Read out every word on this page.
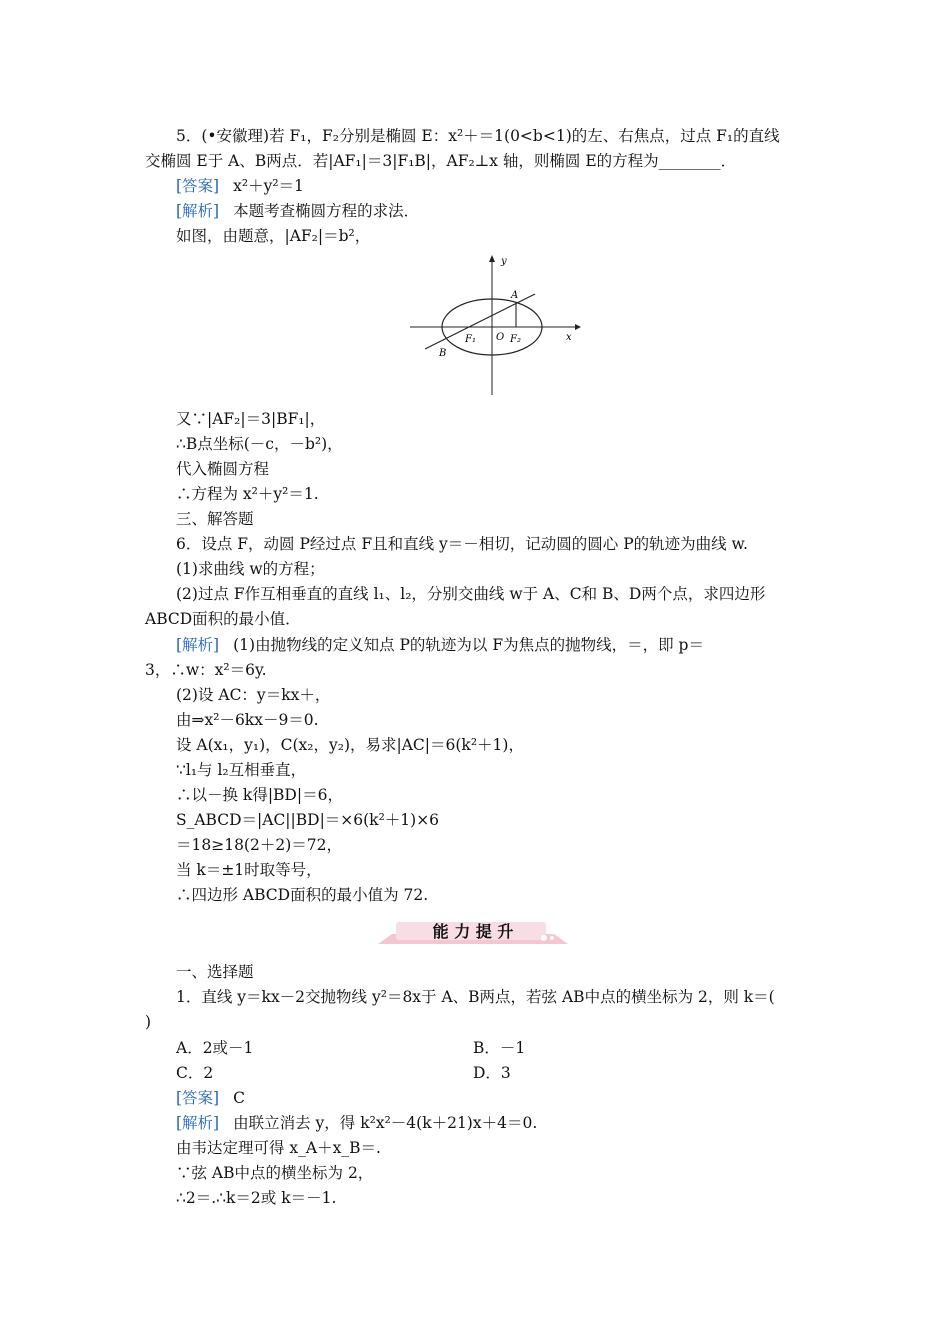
5．(•安徽理)若 F₁，F₂分别是椭圆 E：x²＋＝1(0<b<1)的左、右焦点，过点 F₁的直线
交椭圆 E于 A、B两点．若|AF₁|＝3|F₁B|，AF₂⊥x 轴，则椭圆 E的方程为________．
[答案] x²＋y²＝1
[解析] 本题考查椭圆方程的求法．
如图，由题意，|AF₂|＝b²，
y
x
A
B
F₁ O F₂
又∵|AF₂|＝3|BF₁|，
∴B点坐标(－c，－b²)，
代入椭圆方程
∴方程为 x²＋y²＝1.
三、解答题
6．设点 F，动圆 P经过点 F且和直线 y＝－相切，记动圆的圆心 P的轨迹为曲线 w.
(1)求曲线 w的方程；
(2)过点 F作互相垂直的直线 l₁、l₂，分别交曲线 w于 A、C和 B、D两个点，求四边形
ABCD面积的最小值．
[解析] (1)由抛物线的定义知点 P的轨迹为以 F为焦点的抛物线，＝，即 p＝
3，∴w：x²＝6y.
(2)设 AC：y＝kx＋，
由⇒x²－6kx－9＝0.
设 A(x₁，y₁)，C(x₂，y₂)，易求|AC|＝6(k²＋1)，
∵l₁与 l₂互相垂直，
∴以－换 k得|BD|＝6，
S_ABCD＝|AC||BD|＝×6(k²＋1)×6
＝18≥18(2＋2)＝72，
当 k＝±1时取等号，
∴四边形 ABCD面积的最小值为 72.
能 力 提 升
一、选择题
1．直线 y＝kx－2交抛物线 y²＝8x于 A、B两点，若弦 AB中点的横坐标为 2，则 k＝(
)
A．2或－1	B．－1
C．2	D．3
[答案] C
[解析] 由联立消去 y，得 k²x²－4(k＋21)x＋4＝0.
由韦达定理可得 x_A＋x_B＝.
∵弦 AB中点的横坐标为 2，
∴2＝.∴k＝2或 k＝－1.
